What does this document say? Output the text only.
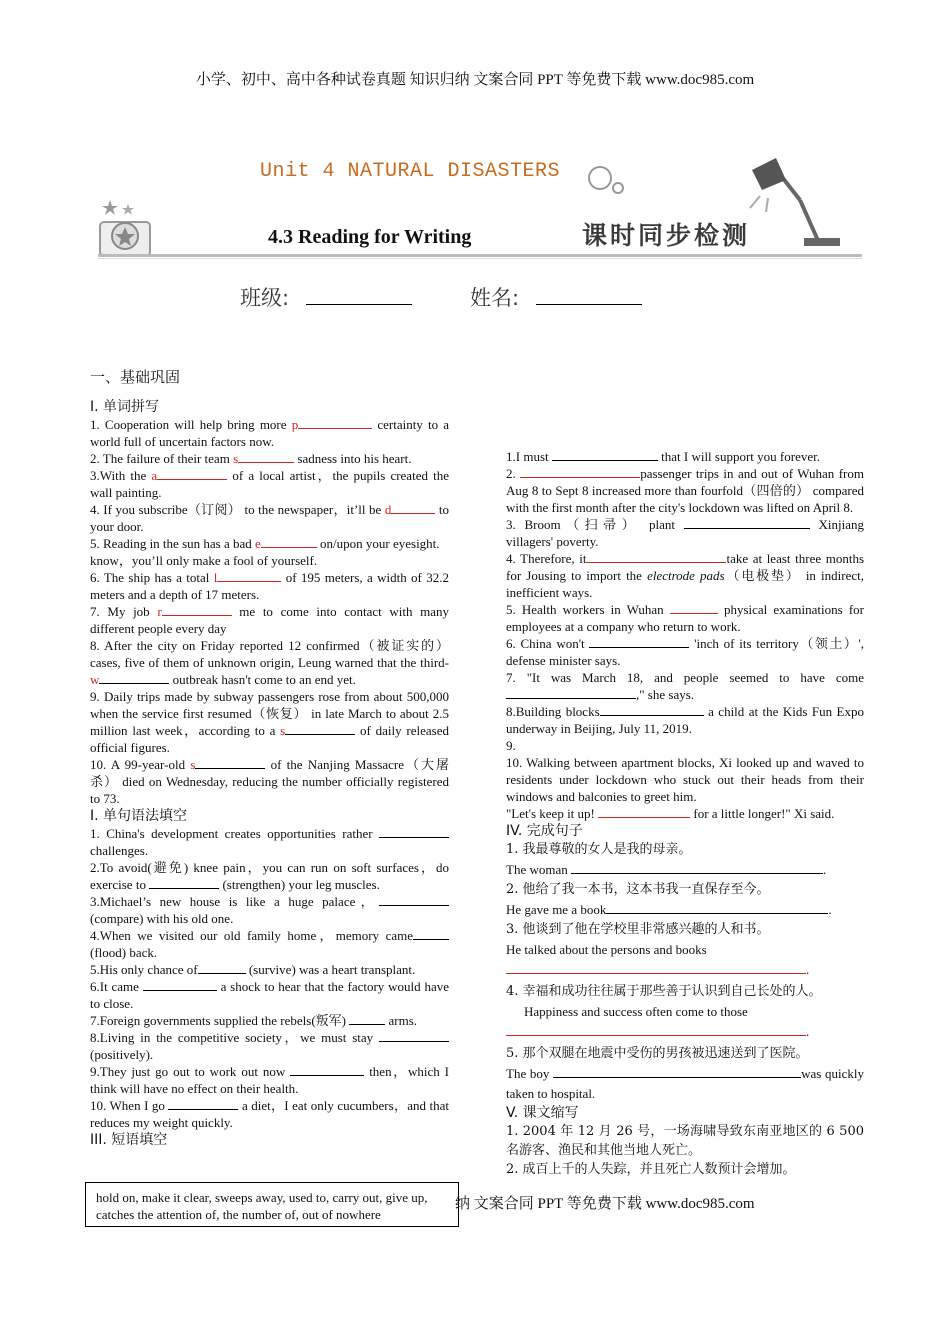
小学、初中、高中各种试卷真题 知识归纳 文案合同 PPT 等免费下载 www.doc985.com
Unit 4 NATURAL DISASTERS
4.3 Reading for Writing	课时同步检测
班级:	姓名:
一、基础巩固

I. 单词拼写

1. Cooperation will help bring more p	certainty to a world full of uncertain factors now.

2. The failure of their team s	sadness into his heart.

3.With the a	of a local artist，the pupils created the wall painting.

4. If you subscribe（订阅） to the newspaper，it’ll be d	to your door.

5. Reading in the sun has a bad e	on/upon your eyesight.

know，you’ll only make a fool of yourself.

6. The ship has a total l	of 195 meters, a width of 32.2 meters and a depth of 17 meters.

7. My job r	me to come into contact with many different people every day

8. After the city on Friday reported 12 confirmed（被证实的） cases, five of them of unknown origin, Leung warned that the third-w	outbreak hasn't come to an end yet.

9. Daily trips made by subway passengers rose from about 500,000 when the service first resumed（恢复） in late March to about 2.5 million last week，according to a s	of daily released official figures.

10. A 99-year-old s	of the Nanjing Massacre（大屠杀） died on Wednesday, reducing the number officially registered to 73.

I. 单句语法填空

1. China's development creates opportunities rather  challenges.

2.To avoid(避免) knee pain，you can run on soft surfaces，do exercise to	(strengthen) your leg muscles.

3.Michael’s new house is like a huge palace， (compare) with his old one.

4.When we visited our old family home，memory came (flood) back.

5.His only chance of	(survive) was a heart transplant.

6.It came	a shock to hear that the factory would have to close.

7.Foreign governments supplied the rebels(叛军)	arms.

8.Living in the competitive society，we must stay  (positively).

9.They just go out to work out now	then，which I think will have no effect on their health.

10. When I go	a diet，I eat only cucumbers，and that reduces my weight quickly.

III. 短语填空

hold on, make it clear, sweeps away, used to, carry out, give up, catches the attention of, the number of, out of nowhere
纳 文案合同 PPT 等免费下载 www.doc985.com

1.I must	that I will support you forever.

2.	passenger trips in and out of Wuhan from Aug 8 to Sept 8 increased more than fourfold（四倍的） compared with the first month after the city's lockdown was lifted on April 8.

3. Broom（扫帚） plant	Xinjiang villagers' poverty.

4. Therefore, it	take at least three months for Jousing to import the electrode pads（电极垫） in indirect, inefficient ways.

5. Health workers in Wuhan	physical examinations for employees at a company who return to work.

6. China won't	'inch of its territory（领土）', defense minister says.

7. "It was March 18, and people seemed to have come ," she says.

8.Building blocks	a child at the Kids Fun Expo underway in Beijing, July 11, 2019.

9.

10. Walking between apartment blocks, Xi looked up and waved to residents under lockdown who stuck out their heads from their windows and balconies to greet him.

"Let's keep it up!	for a little longer!" Xi said.

IV. 完成句子

1. 我最尊敬的女人是我的母亲。

The woman	.

2. 他给了我一本书，这本书我一直保存至今。

He gave me a book	.

3. 他谈到了他在学校里非常感兴趣的人和书。

He talked about the persons and books

.

4. 幸福和成功往往属于那些善于认识到自己长处的人。

Happiness and success often come to those

.

5. 那个双腿在地震中受伤的男孩被迅速送到了医院。

The boy	was quickly taken to hospital.

V. 课文缩写

1. 2004 年 12 月 26 号，一场海啸导致东南亚地区的 6 500 名游客、渔民和其他当地人死亡。

2. 成百上千的人失踪，并且死亡人数预计会增加。
